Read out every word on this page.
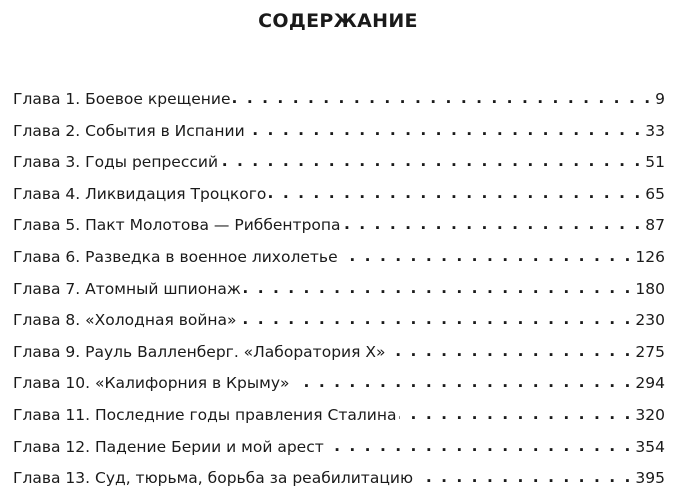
СОДЕРЖАНИЕ
Глава 1. Боевое крещение . . .	9
Глава 2. События в Испании . . .	33
Глава 3. Годы репрессий . . .	51
Глава 4. Ликвидация Троцкого . . .	65
Глава 5. Пакт Молотова — Риббентропа . . .	87
Глава 6. Разведка в военное лихолетье . . .	126
Глава 7. Атомный шпионаж . . .	180
Глава 8. «Холодная война» . . .	230
Глава 9. Рауль Валленберг. «Лаборатория Х» . . .	275
Глава 10. «Калифорния в Крыму» . . .	294
Глава 11. Последние годы правления Сталина . . .	320
Глава 12. Падение Берии и мой арест . . .	354
Глава 13. Суд, тюрьма, борьба за реабилитацию . . .	395
